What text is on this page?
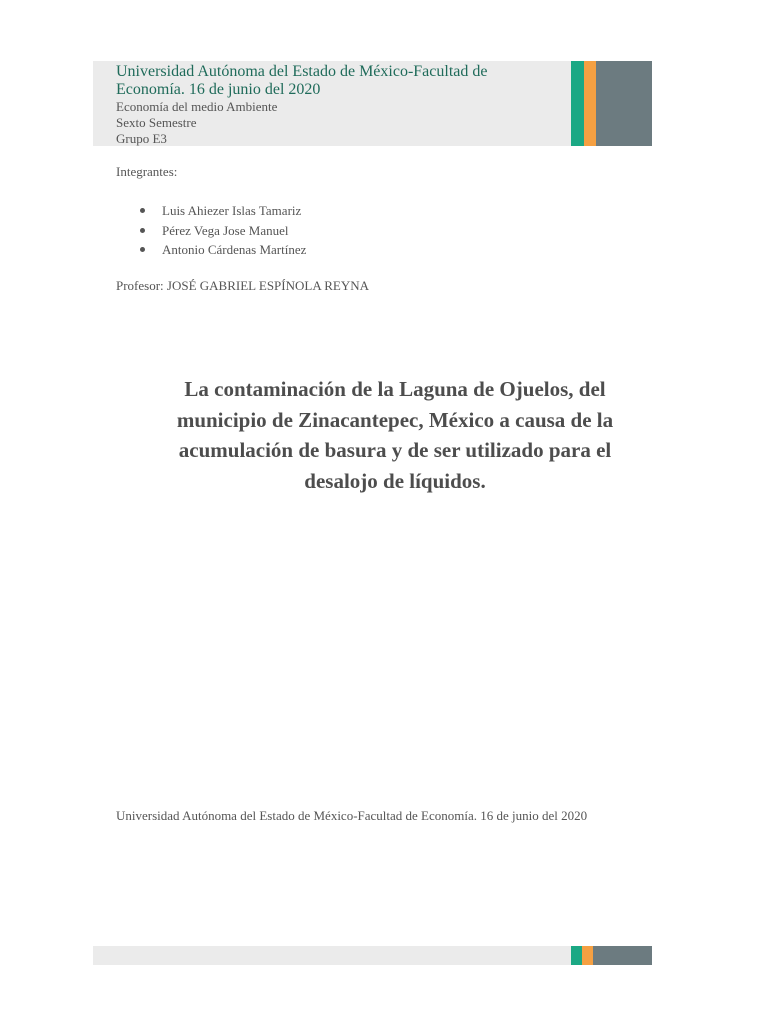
Universidad Autónoma del Estado de México-Facultad de Economía. 16 de junio del 2020

Economía del medio Ambiente

Sexto Semestre

Grupo E3

Integrantes:
Luis Ahiezer Islas Tamariz
Pérez Vega Jose Manuel
Antonio Cárdenas Martínez
Profesor: JOSÉ GABRIEL ESPÍNOLA REYNA
La contaminación de la Laguna de Ojuelos, del municipio de Zinacantepec, México a causa de la acumulación de basura y de ser utilizado para el desalojo de líquidos.
Universidad Autónoma del Estado de México-Facultad de Economía. 16 de junio del 2020
